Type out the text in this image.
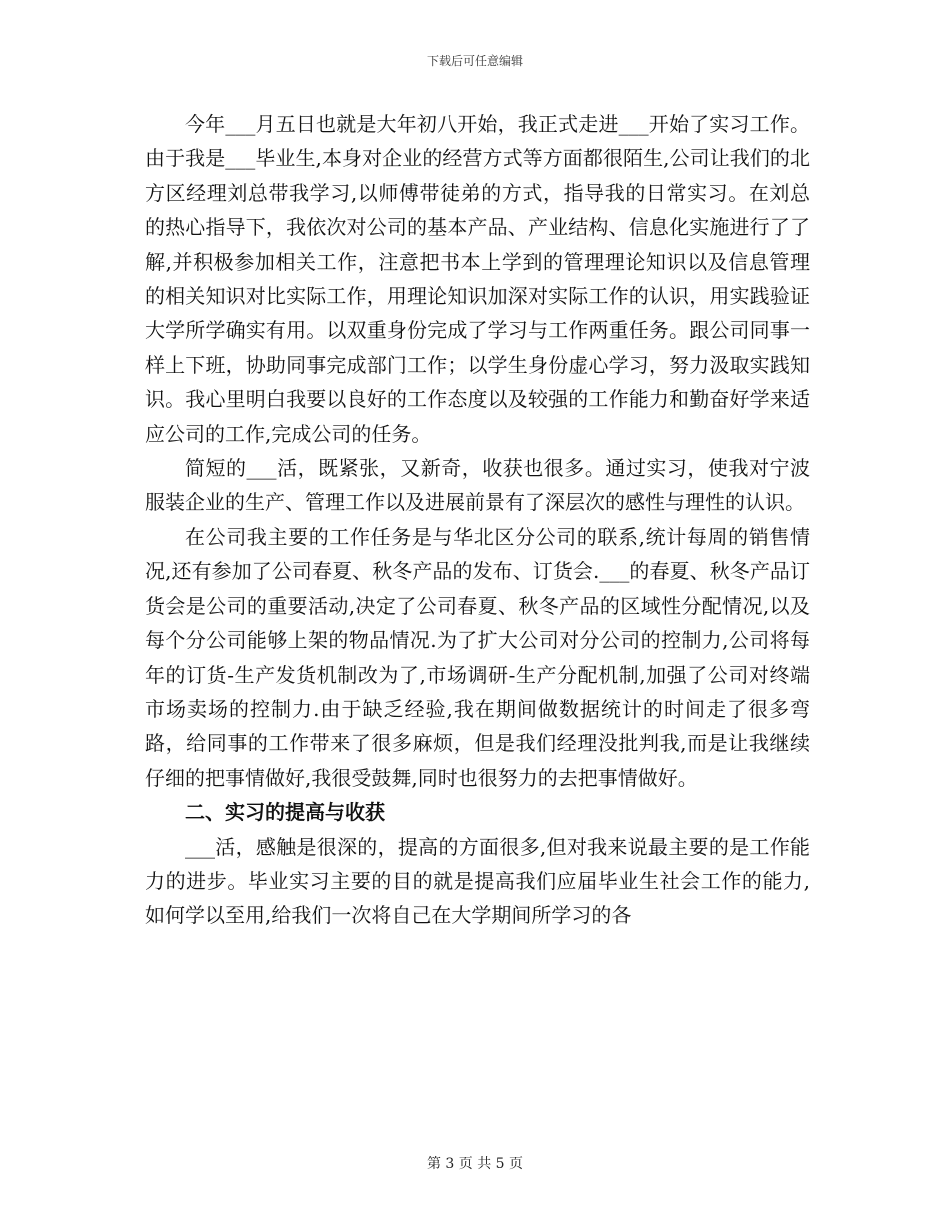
下载后可任意编辑

今年___月五日也就是大年初八开始，我正式走进___开始了实习工作。由于我是___毕业生,本身对企业的经营方式等方面都很陌生,公司让我们的北方区经理刘总带我学习,以师傅带徒弟的方式，指导我的日常实习。在刘总的热心指导下，我依次对公司的基本产品、产业结构、信息化实施进行了了解,并积极参加相关工作，注意把书本上学到的管理理论知识以及信息管理的相关知识对比实际工作，用理论知识加深对实际工作的认识，用实践验证大学所学确实有用。以双重身份完成了学习与工作两重任务。跟公司同事一样上下班，协助同事完成部门工作；以学生身份虚心学习，努力汲取实践知识。我心里明白我要以良好的工作态度以及较强的工作能力和勤奋好学来适应公司的工作,完成公司的任务。

简短的___活，既紧张，又新奇，收获也很多。通过实习，使我对宁波服装企业的生产、管理工作以及进展前景有了深层次的感性与理性的认识。

在公司我主要的工作任务是与华北区分公司的联系,统计每周的销售情况,还有参加了公司春夏、秋冬产品的发布、订货会.___的春夏、秋冬产品订货会是公司的重要活动,决定了公司春夏、秋冬产品的区域性分配情况,以及每个分公司能够上架的物品情况.为了扩大公司对分公司的控制力,公司将每年的订货-生产发货机制改为了,市场调研-生产分配机制,加强了公司对终端市场卖场的控制力.由于缺乏经验,我在期间做数据统计的时间走了很多弯路，给同事的工作带来了很多麻烦，但是我们经理没批判我,而是让我继续仔细的把事情做好,我很受鼓舞,同时也很努力的去把事情做好。

二、实习的提高与收获

___活，感触是很深的，提高的方面很多,但对我来说最主要的是工作能力的进步。毕业实习主要的目的就是提高我们应届毕业生社会工作的能力,如何学以至用,给我们一次将自己在大学期间所学习的各

第 3 页 共 5 页
